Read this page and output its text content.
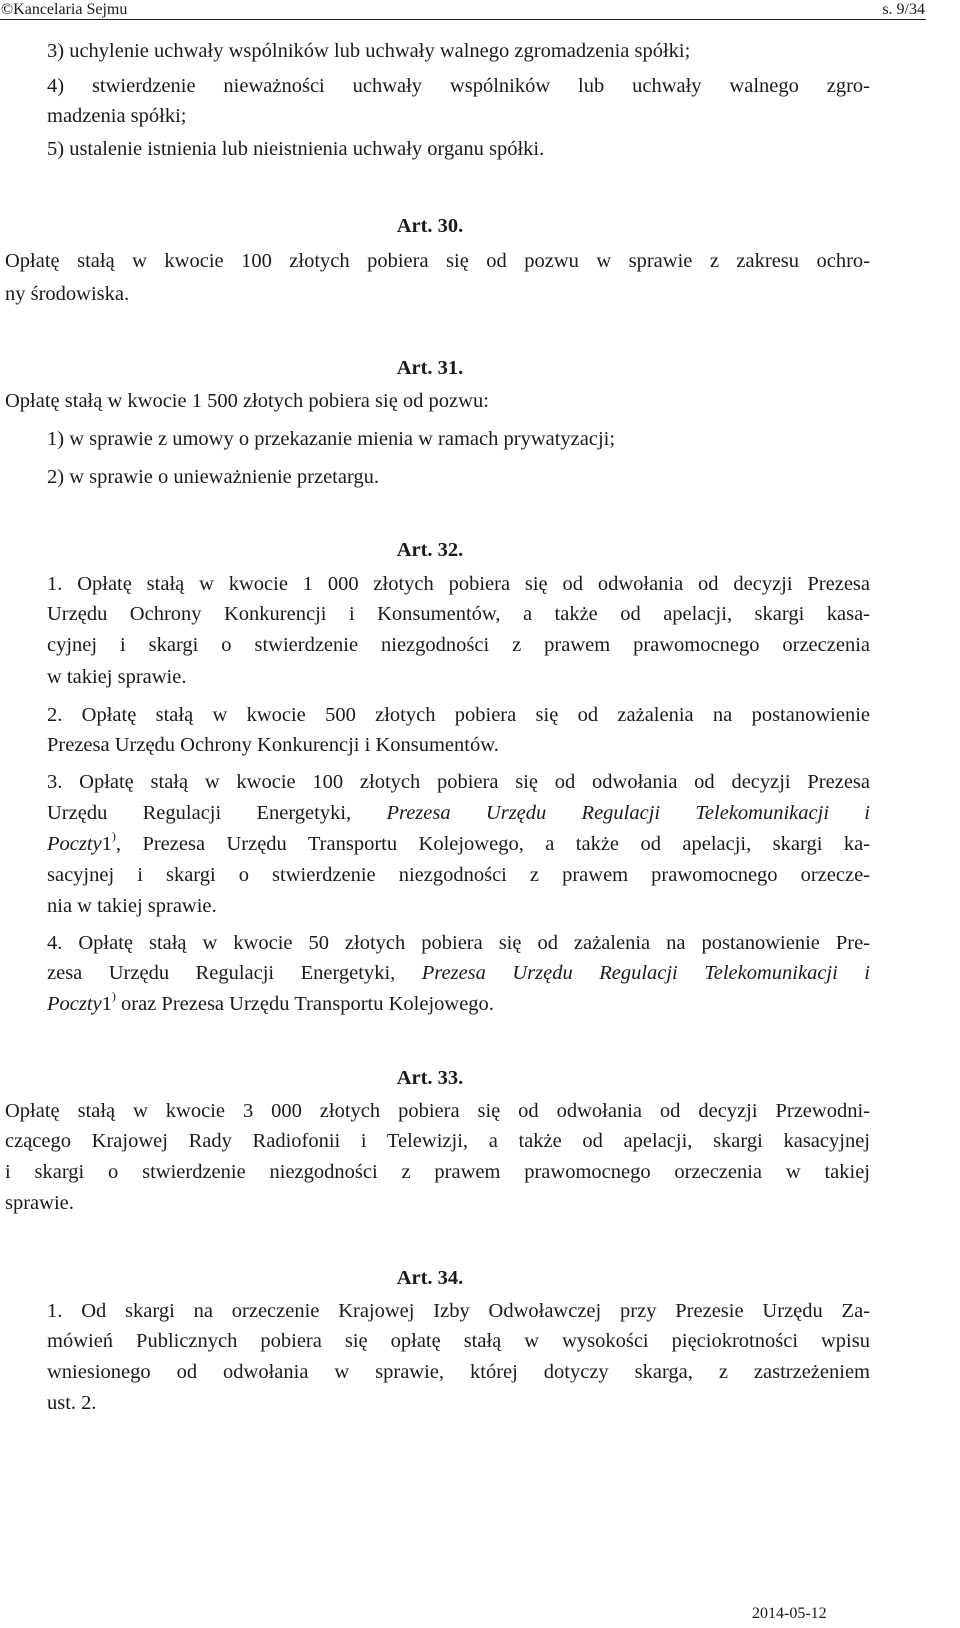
©Kancelaria Sejmu	s. 9/34
3) uchylenie uchwały wspólników lub uchwały walnego zgromadzenia spółki;
4) stwierdzenie nieważności uchwały wspólników lub uchwały walnego zgro-
madzenia spółki;
5) ustalenie istnienia lub nieistnienia uchwały organu spółki.
Art. 30.
Opłatę stałą w kwocie 100 złotych pobiera się od pozwu w sprawie z zakresu ochro-
ny środowiska.
Art. 31.
Opłatę stałą w kwocie 1 500 złotych pobiera się od pozwu:
1) w sprawie z umowy o przekazanie mienia w ramach prywatyzacji;
2) w sprawie o unieważnienie przetargu.
Art. 32.
1. Opłatę stałą w kwocie 1 000 złotych pobiera się od odwołania od decyzji Prezesa
Urzędu Ochrony Konkurencji i Konsumentów, a także od apelacji, skargi kasa-
cyjnej i skargi o stwierdzenie niezgodności z prawem prawomocnego orzeczenia
w takiej sprawie.
2. Opłatę stałą w kwocie 500 złotych pobiera się od zażalenia na postanowienie
Prezesa Urzędu Ochrony Konkurencji i Konsumentów.
3. Opłatę stałą w kwocie 100 złotych pobiera się od odwołania od decyzji Prezesa
Urzędu Regulacji Energetyki, Prezesa Urzędu Regulacji Telekomunikacji i
Poczty1), Prezesa Urzędu Transportu Kolejowego, a także od apelacji, skargi ka-
sacyjnej i skargi o stwierdzenie niezgodności z prawem prawomocnego orzecze-
nia w takiej sprawie.
4. Opłatę stałą w kwocie 50 złotych pobiera się od zażalenia na postanowienie Pre-
zesa Urzędu Regulacji Energetyki, Prezesa Urzędu Regulacji Telekomunikacji i
Poczty1) oraz Prezesa Urzędu Transportu Kolejowego.
Art. 33.
Opłatę stałą w kwocie 3 000 złotych pobiera się od odwołania od decyzji Przewodni-
czącego Krajowej Rady Radiofonii i Telewizji, a także od apelacji, skargi kasacyjnej
i skargi o stwierdzenie niezgodności z prawem prawomocnego orzeczenia w takiej
sprawie.
Art. 34.
1. Od skargi na orzeczenie Krajowej Izby Odwoławczej przy Prezesie Urzędu Za-
mówień Publicznych pobiera się opłatę stałą w wysokości pięciokrotności wpisu
wniesionego od odwołania w sprawie, której dotyczy skarga, z zastrzeżeniem
ust. 2.
2014-05-12
